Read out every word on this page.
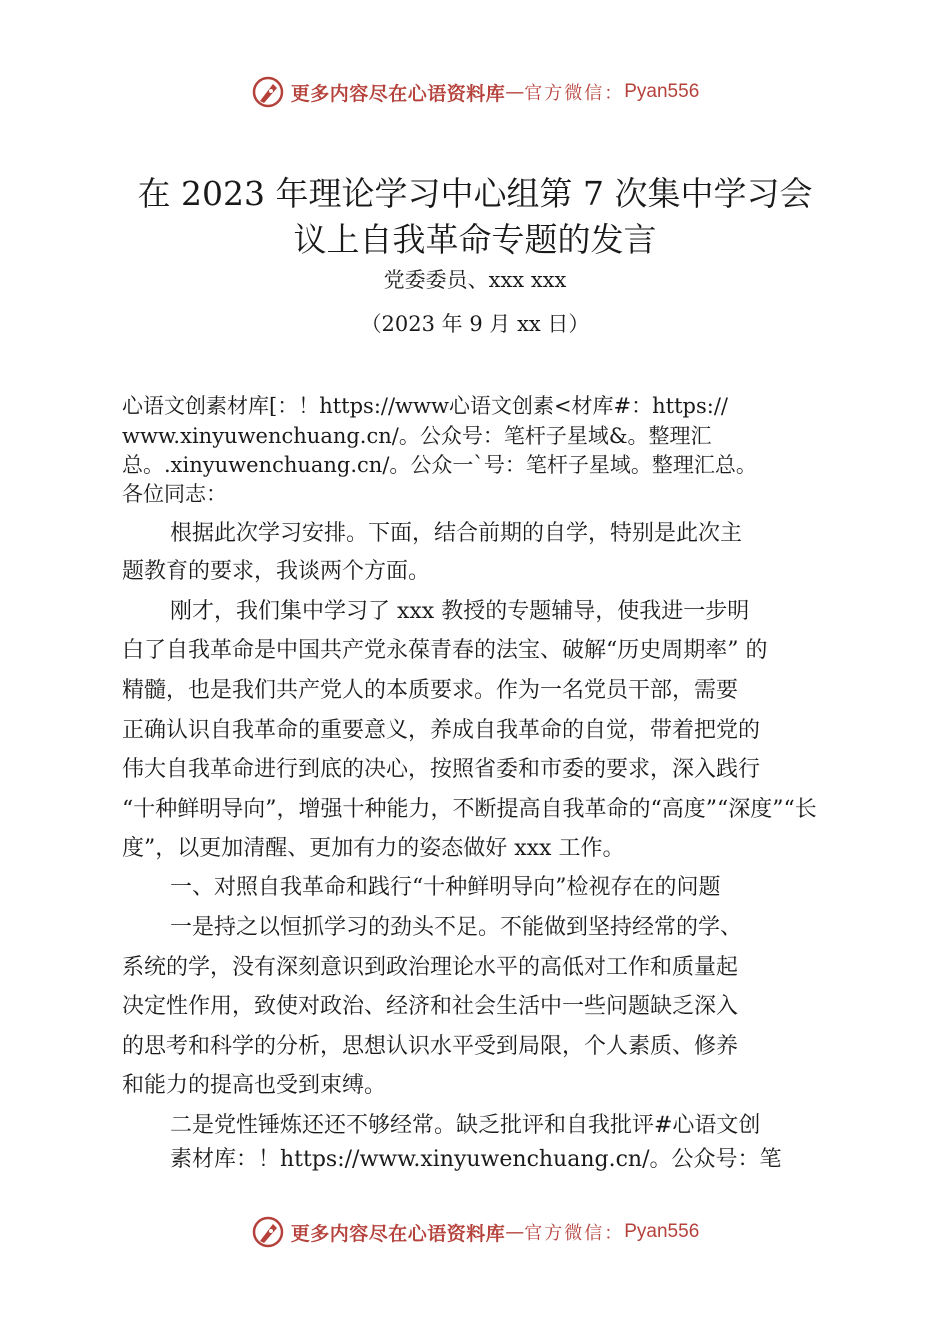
更多内容尽在心语资料库 — 官方微信： Pyan556
在 2023 年理论学习中心组第 7 次集中学习会
议上自我革命专题的发言
党委委员、xxx xxx
（2023 年 9 月 xx 日）
心语文创素材库[：！https://www心语文创素<材库#：https://
www.xinyuwenchuang.cn/。公众号：笔杆子星域&。整理汇
总。.xinyuwenchuang.cn/。公众一`号：笔杆子星域。整理汇总。
各位同志：
根据此次学习安排。下面，结合前期的自学，特别是此次主
题教育的要求，我谈两个方面。
刚才，我们集中学习了 xxx 教授的专题辅导，使我进一步明
白了自我革命是中国共产党永葆青春的法宝、破解“历史周期率” 的
精髓，也是我们共产党人的本质要求。作为一名党员干部，需要
正确认识自我革命的重要意义，养成自我革命的自觉，带着把党的
伟大自我革命进行到底的决心，按照省委和市委的要求，深入践行
“十种鲜明导向”，增强十种能力，不断提高自我革命的“高度”“深度”“长
度”，以更加清醒、更加有力的姿态做好 xxx 工作。
一、对照自我革命和践行“十种鲜明导向”检视存在的问题
一是持之以恒抓学习的劲头不足。不能做到坚持经常的学、
系统的学，没有深刻意识到政治理论水平的高低对工作和质量起
决定性作用，致使对政治、经济和社会生活中一些问题缺乏深入
的思考和科学的分析，思想认识水平受到局限，个人素质、修养
和能力的提高也受到束缚。
二是党性锤炼还还不够经常。缺乏批评和自我批评#心语文创
素材库：！https://www.xinyuwenchuang.cn/。公众号：笔
更多内容尽在心语资料库 — 官方微信： Pyan556
